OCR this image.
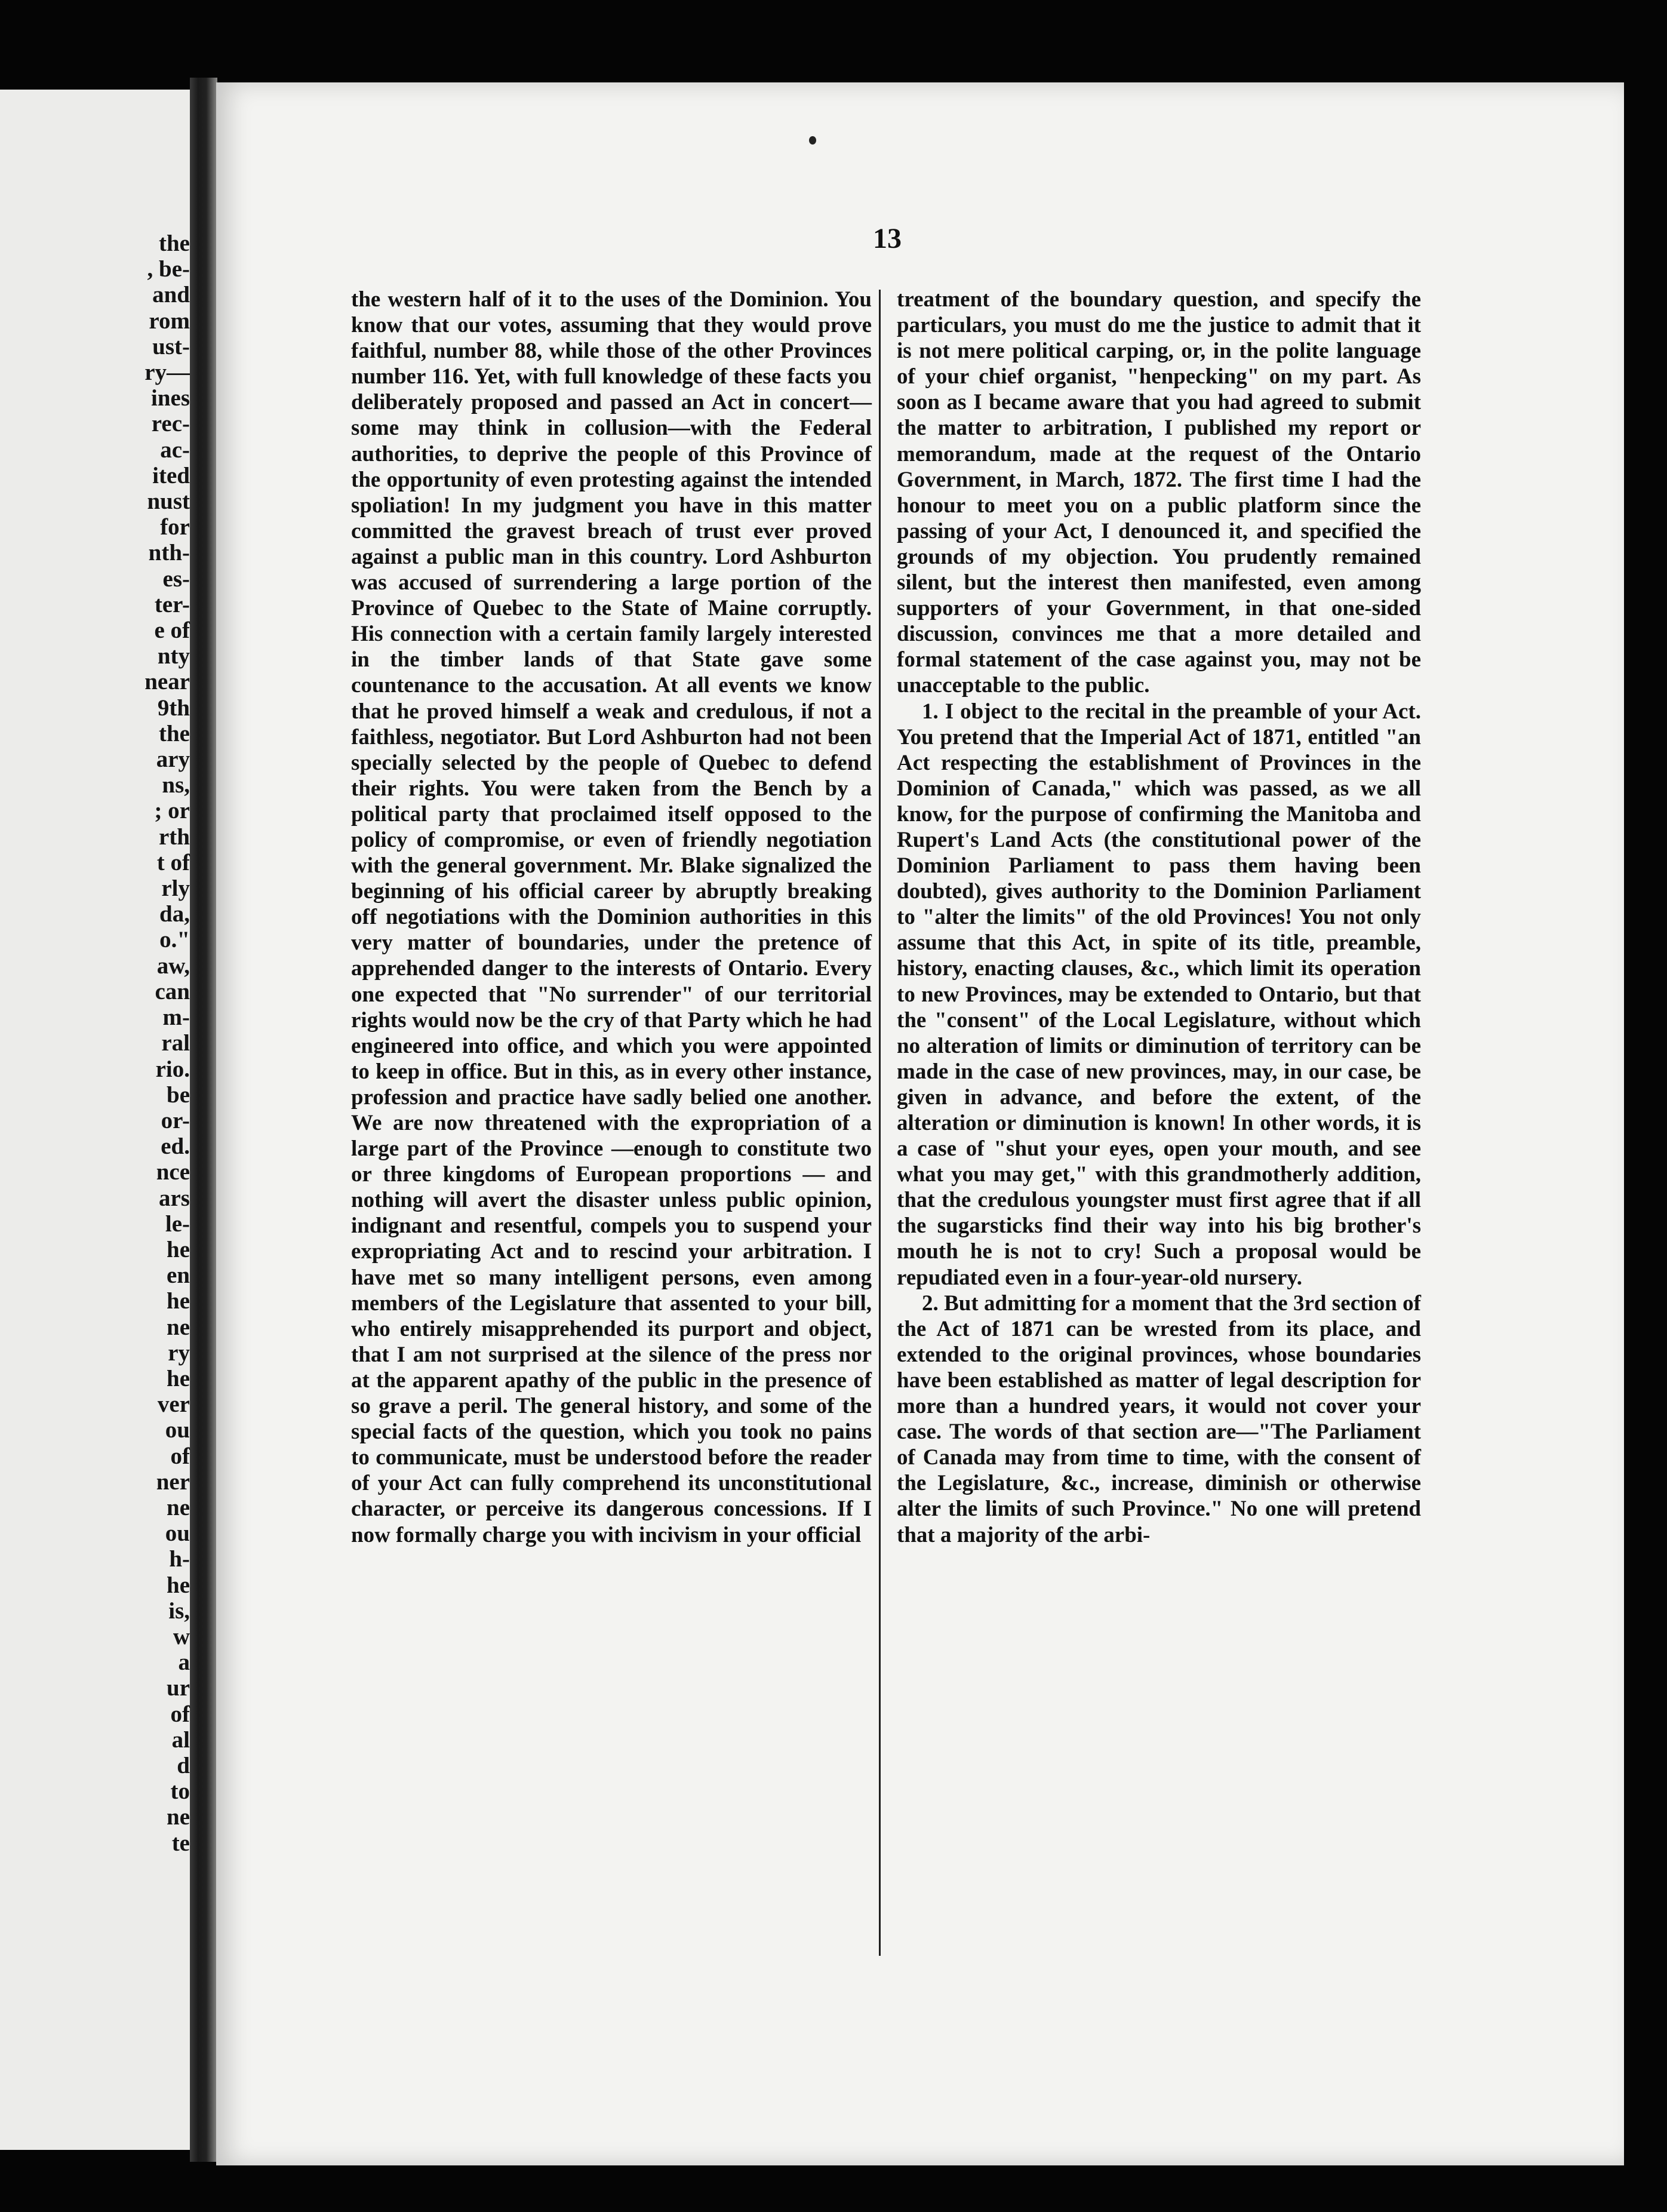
the
, be-
and
rom
ust-
ry—
ines
rec-
ac-
ited
nust
for
nth-
es-
ter-
e of
nty
near
9th
the
ary
ns,
; or
rth
t of
rly
da,
o."
aw,
can
m-
ral
rio.
be
or-
ed.
nce
ars
le-
he
en
he
ne
ry
he
ver
ou
of
ner
ne
ou
h-
he
is,
w
a
ur
of
al
d
to
ne
te
13

the western half of it to the uses of the Dominion. You know that our votes, assuming that they would prove faithful, number 88, while those of the other Provinces number 116. Yet, with full knowledge of these facts you deliberately proposed and passed an Act in concert—some may think in collusion—with the Federal authorities, to deprive the people of this Province of the opportunity of even protesting against the intended spoliation! In my judgment you have in this matter committed the gravest breach of trust ever proved against a public man in this country. Lord Ashburton was accused of surrendering a large portion of the Province of Quebec to the State of Maine corruptly. His connection with a certain family largely interested in the timber lands of that State gave some countenance to the accusation. At all events we know that he proved himself a weak and credulous, if not a faithless, negotiator. But Lord Ashburton had not been specially selected by the people of Quebec to defend their rights. You were taken from the Bench by a political party that proclaimed itself opposed to the policy of compromise, or even of friendly negotiation with the general government. Mr. Blake signalized the beginning of his official career by abruptly breaking off negotiations with the Dominion authorities in this very matter of boundaries, under the pretence of apprehended danger to the interests of Ontario. Every one expected that "No surrender" of our territorial rights would now be the cry of that Party which he had engineered into office, and which you were appointed to keep in office. But in this, as in every other instance, profession and practice have sadly belied one another. We are now threatened with the expropriation of a large part of the Province —enough to constitute two or three kingdoms of European proportions — and nothing will avert the disaster unless public opinion, indignant and resentful, compels you to suspend your expropriating Act and to rescind your arbitration. I have met so many intelligent persons, even among members of the Legislature that assented to your bill, who entirely misapprehended its purport and object, that I am not surprised at the silence of the press nor at the apparent apathy of the public in the presence of so grave a peril. The general history, and some of the special facts of the question, which you took no pains to communicate, must be understood before the reader of your Act can fully comprehend its unconstitutional character, or perceive its dangerous concessions. If I now formally charge you with incivism in your official

treatment of the boundary question, and specify the particulars, you must do me the justice to admit that it is not mere political carping, or, in the polite language of your chief organist, "henpecking" on my part. As soon as I became aware that you had agreed to submit the matter to arbitration, I published my report or memorandum, made at the request of the Ontario Government, in March, 1872. The first time I had the honour to meet you on a public platform since the passing of your Act, I denounced it, and specified the grounds of my objection. You prudently remained silent, but the interest then manifested, even among supporters of your Government, in that one-sided discussion, convinces me that a more detailed and formal statement of the case against you, may not be unacceptable to the public.

1. I object to the recital in the preamble of your Act. You pretend that the Imperial Act of 1871, entitled "an Act respecting the establishment of Provinces in the Dominion of Canada," which was passed, as we all know, for the purpose of confirming the Manitoba and Rupert's Land Acts (the constitutional power of the Dominion Parliament to pass them having been doubted), gives authority to the Dominion Parliament to "alter the limits" of the old Provinces! You not only assume that this Act, in spite of its title, preamble, history, enacting clauses, &c., which limit its operation to new Provinces, may be extended to Ontario, but that the "consent" of the Local Legislature, without which no alteration of limits or diminution of territory can be made in the case of new provinces, may, in our case, be given in advance, and before the extent, of the alteration or diminution is known! In other words, it is a case of "shut your eyes, open your mouth, and see what you may get," with this grandmotherly addition, that the credulous youngster must first agree that if all the sugarsticks find their way into his big brother's mouth he is not to cry! Such a proposal would be repudiated even in a four-year-old nursery.

2. But admitting for a moment that the 3rd section of the Act of 1871 can be wrested from its place, and extended to the original provinces, whose boundaries have been established as matter of legal description for more than a hundred years, it would not cover your case. The words of that section are—"The Parliament of Canada may from time to time, with the consent of the Legislature, &c., increase, diminish or otherwise alter the limits of such Province." No one will pretend that a majority of the arbi-
